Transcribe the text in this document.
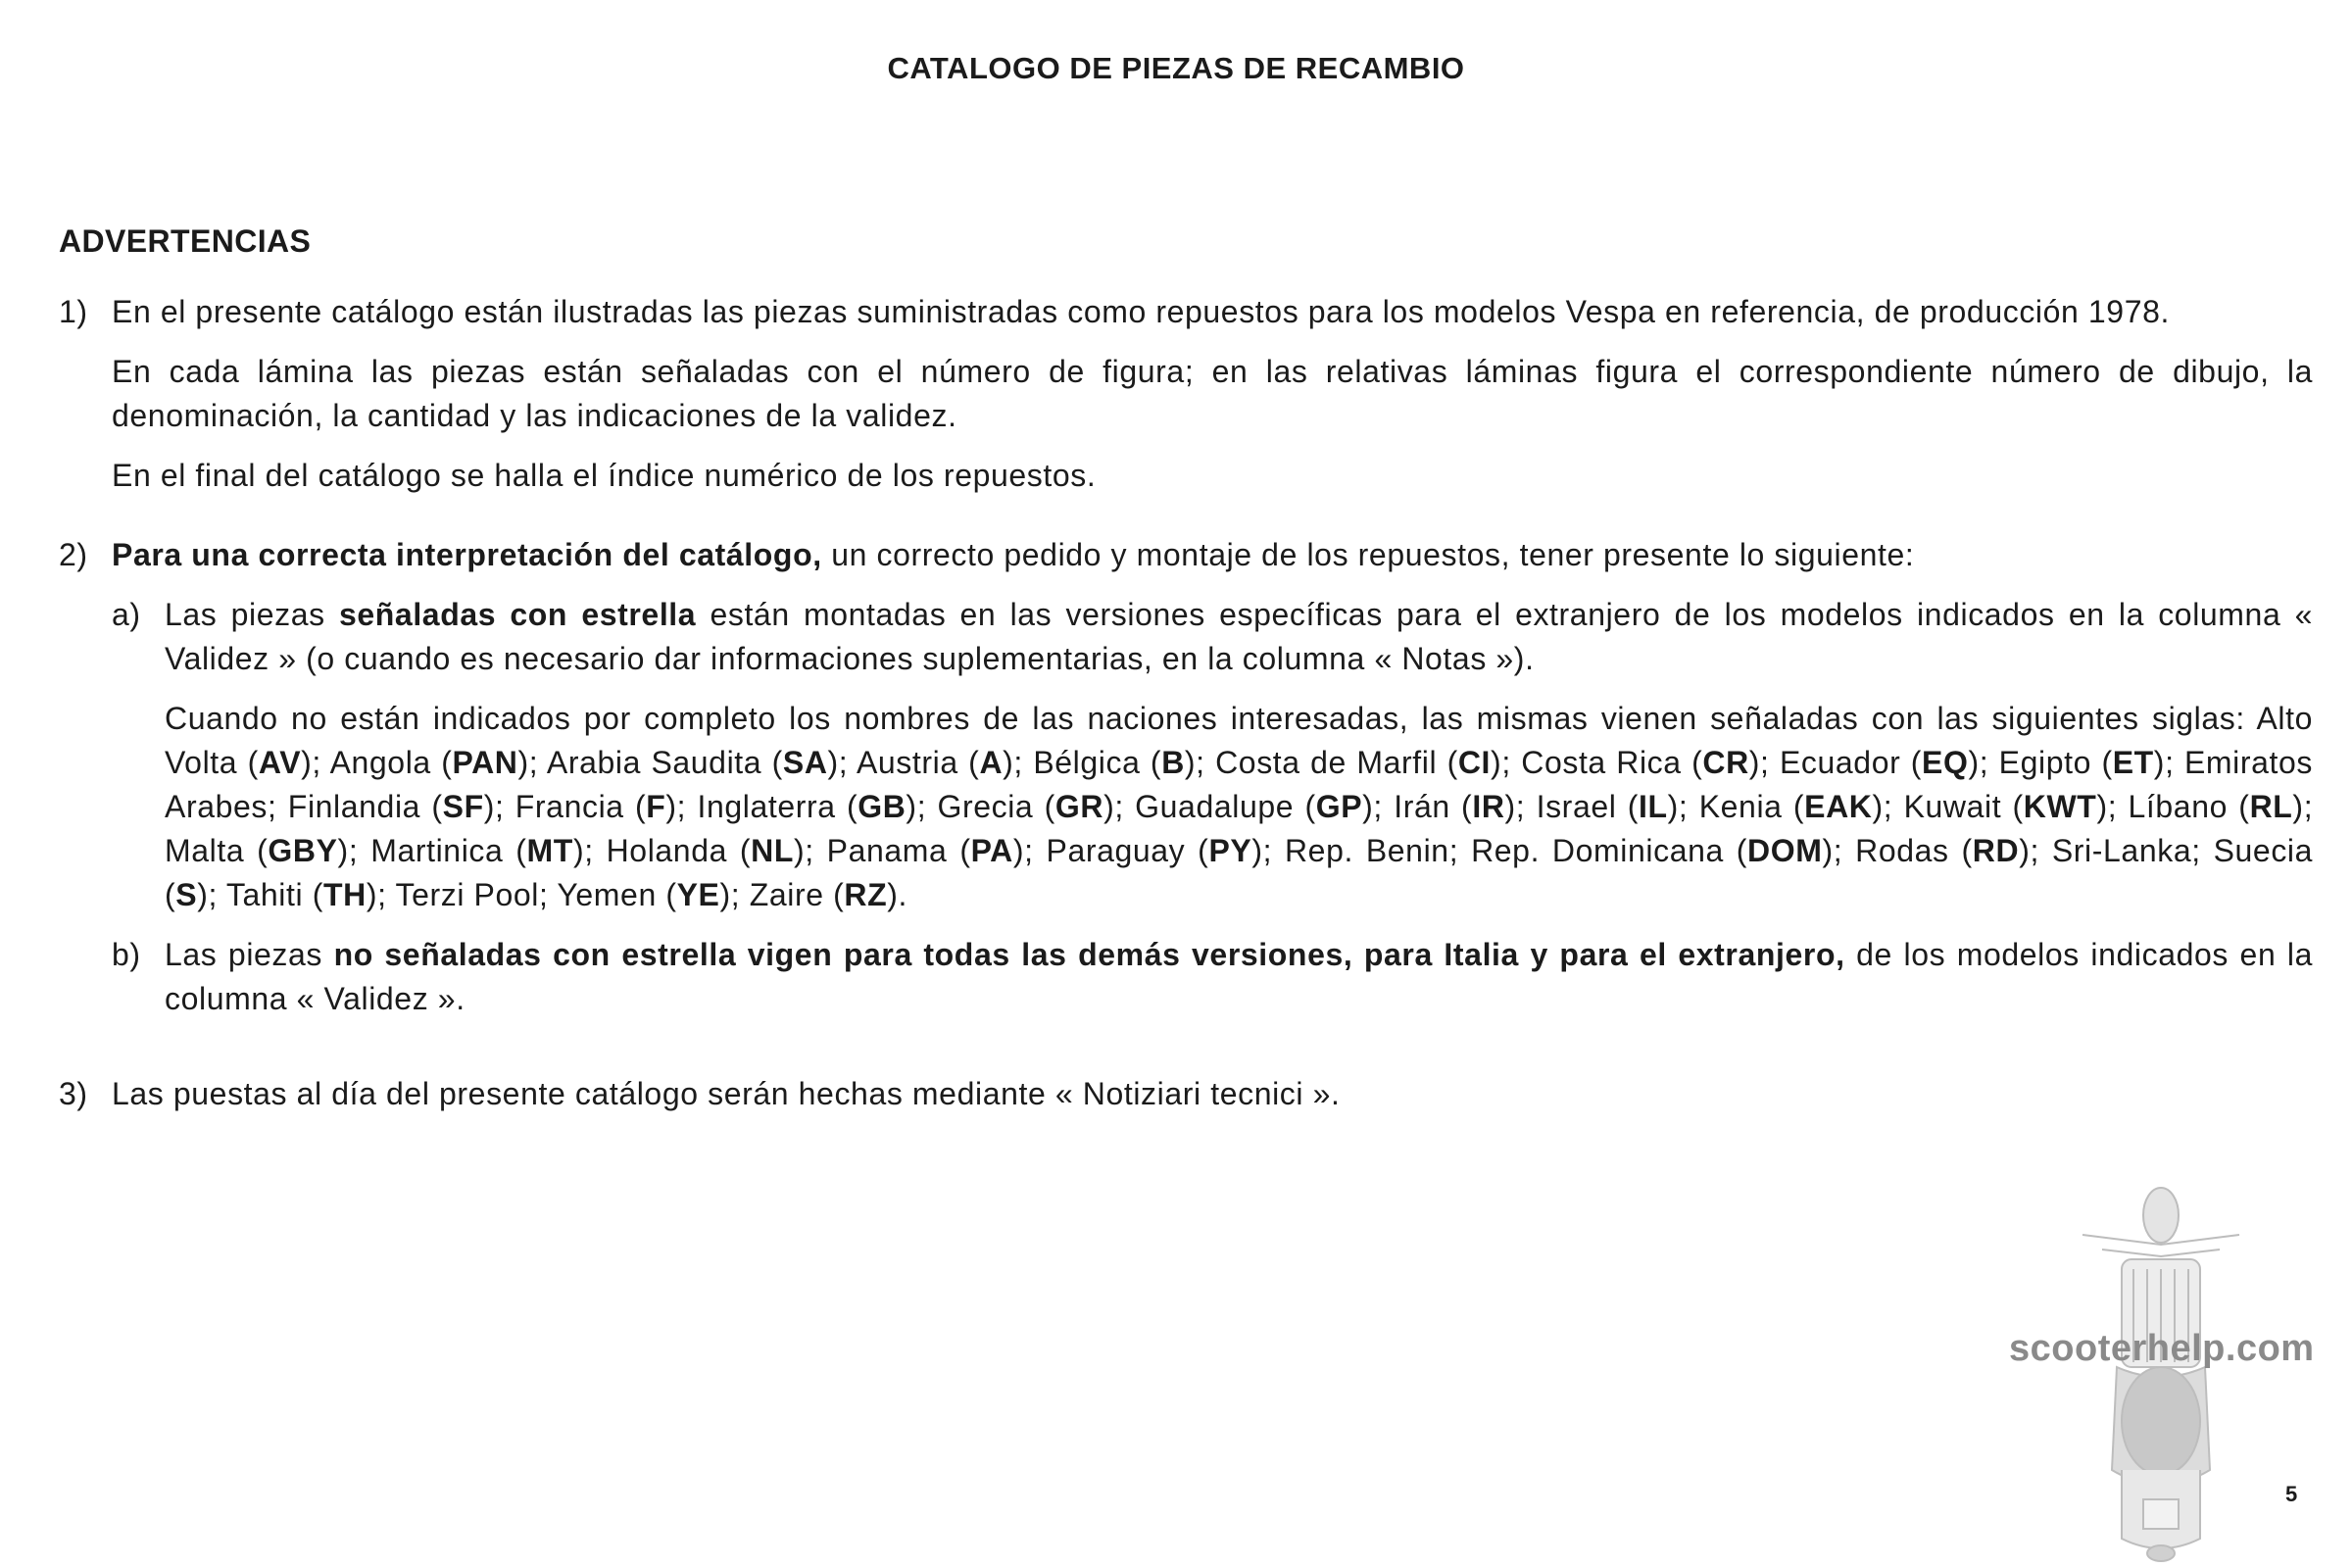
CATALOGO DE PIEZAS DE RECAMBIO
ADVERTENCIAS
1) En el presente catálogo están ilustradas las piezas suministradas como repuestos para los modelos Vespa en referencia, de producción 1978.

En cada lámina las piezas están señaladas con el número de figura; en las relativas láminas figura el correspondiente número de dibujo, la denominación, la cantidad y las indicaciones de la validez.

En el final del catálogo se halla el índice numérico de los repuestos.

2) Para una correcta interpretación del catálogo, un correcto pedido y montaje de los repuestos, tener presente lo siguiente:

a) Las piezas señaladas con estrella están montadas en las versiones específicas para el extranjero de los modelos indicados en la columna « Validez » (o cuando es necesario dar informaciones suplementarias, en la columna « Notas »).

Cuando no están indicados por completo los nombres de las naciones interesadas, las mismas vienen señaladas con las siguientes siglas: Alto Volta (AV); Angola (PAN); Arabia Saudita (SA); Austria (A); Bélgica (B); Costa de Marfil (CI); Costa Rica (CR); Ecuador (EQ); Egipto (ET); Emiratos Arabes; Finlandia (SF); Francia (F); Inglaterra (GB); Grecia (GR); Guadalupe (GP); Irán (IR); Israel (IL); Kenia (EAK); Kuwait (KWT); Líbano (RL); Malta (GBY); Martinica (MT); Holanda (NL); Panama (PA); Paraguay (PY); Rep. Benin; Rep. Dominicana (DOM); Rodas (RD); Sri-Lanka; Suecia (S); Tahiti (TH); Terzi Pool; Yemen (YE); Zaire (RZ).

b) Las piezas no señaladas con estrella vigen para todas las demás versiones, para Italia y para el extranjero, de los modelos indicados en la columna « Validez ».

3) Las puestas al día del presente catálogo serán hechas mediante « Notiziari tecnici ».

scooterhelp.com
5
